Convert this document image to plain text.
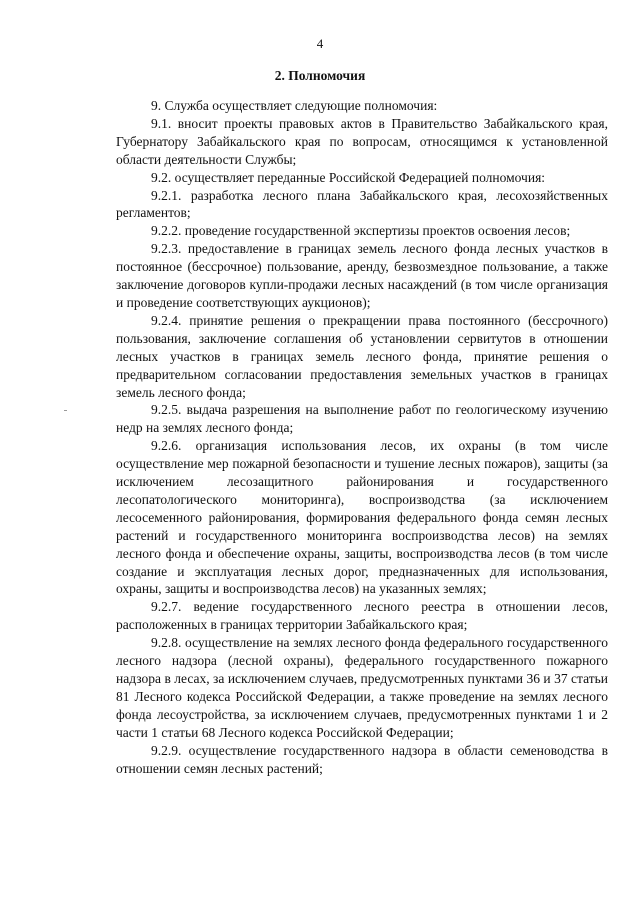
4
2. Полномочия

9. Служба осуществляет следующие полномочия:

9.1. вносит проекты правовых актов в Правительство Забайкальского края, Губернатору Забайкальского края по вопросам, относящимся к установленной области деятельности Службы;

9.2. осуществляет переданные Российской Федерацией полномочия:

9.2.1. разработка лесного плана Забайкальского края, лесохозяйственных регламентов;

9.2.2. проведение государственной экспертизы проектов освоения лесов;

9.2.3. предоставление в границах земель лесного фонда лесных участков в постоянное (бессрочное) пользование, аренду, безвозмездное пользование, а также заключение договоров купли-продажи лесных насаждений (в том числе организация и проведение соответствующих аукционов);

9.2.4. принятие решения о прекращении права постоянного (бессрочного) пользования, заключение соглашения об установлении сервитутов в отношении лесных участков в границах земель лесного фонда, принятие решения о предварительном согласовании предоставления земельных участков в границах земель лесного фонда;

9.2.5. выдача разрешения на выполнение работ по геологическому изучению недр на землях лесного фонда;

9.2.6. организация использования лесов, их охраны (в том числе осуществление мер пожарной безопасности и тушение лесных пожаров), защиты (за исключением лесозащитного районирования и государственного лесопатологического мониторинга), воспроизводства (за исключением лесосеменного районирования, формирования федерального фонда семян лесных растений и государственного мониторинга воспроизводства лесов) на землях лесного фонда и обеспечение охраны, защиты, воспроизводства лесов (в том числе создание и эксплуатация лесных дорог, предназначенных для использования, охраны, защиты и воспроизводства лесов) на указанных землях;

9.2.7. ведение государственного лесного реестра в отношении лесов, расположенных в границах территории Забайкальского края;

9.2.8. осуществление на землях лесного фонда федерального государственного лесного надзора (лесной охраны), федерального государственного пожарного надзора в лесах, за исключением случаев, предусмотренных пунктами 36 и 37 статьи 81 Лесного кодекса Российской Федерации, а также проведение на землях лесного фонда лесоустройства, за исключением случаев, предусмотренных пунктами 1 и 2 части 1 статьи 68 Лесного кодекса Российской Федерации;

9.2.9. осуществление государственного надзора в области семеноводства в отношении семян лесных растений;
